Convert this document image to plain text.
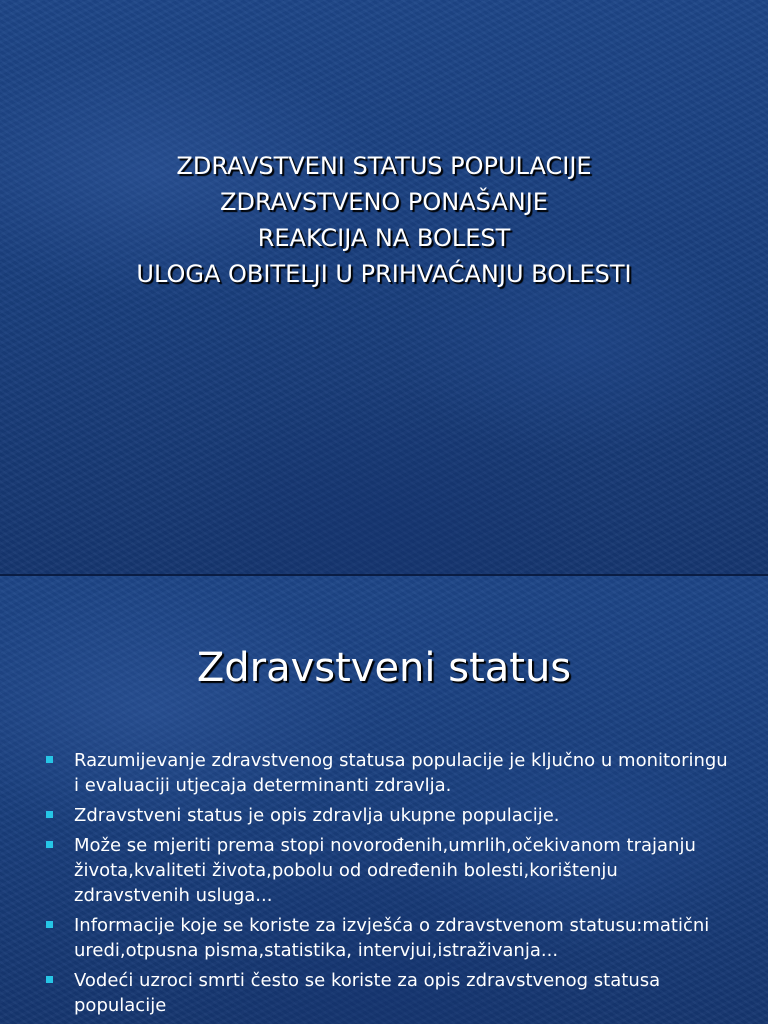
ZDRAVSTVENI STATUS POPULACIJE
ZDRAVSTVENO PONAŠANJE
REAKCIJA NA BOLEST
ULOGA OBITELJI U PRIHVAĆANJU BOLESTI
Zdravstveni status
Razumijevanje zdravstvenog statusa populacije je ključno u monitoringu i evaluaciji utjecaja determinanti zdravlja.
Zdravstveni status je opis zdravlja ukupne populacije.
Može se mjeriti prema stopi novorođenih,umrlih,očekivanom trajanju života,kvaliteti života,pobolu od određenih bolesti,korištenju zdravstvenih usluga...
Informacije koje se koriste za izvješća o zdravstvenom statusu:matični uredi,otpusna pisma,statistika, intervjui,istraživanja...
Vodeći uzroci smrti često se koriste za opis zdravstvenog statusa populacije
